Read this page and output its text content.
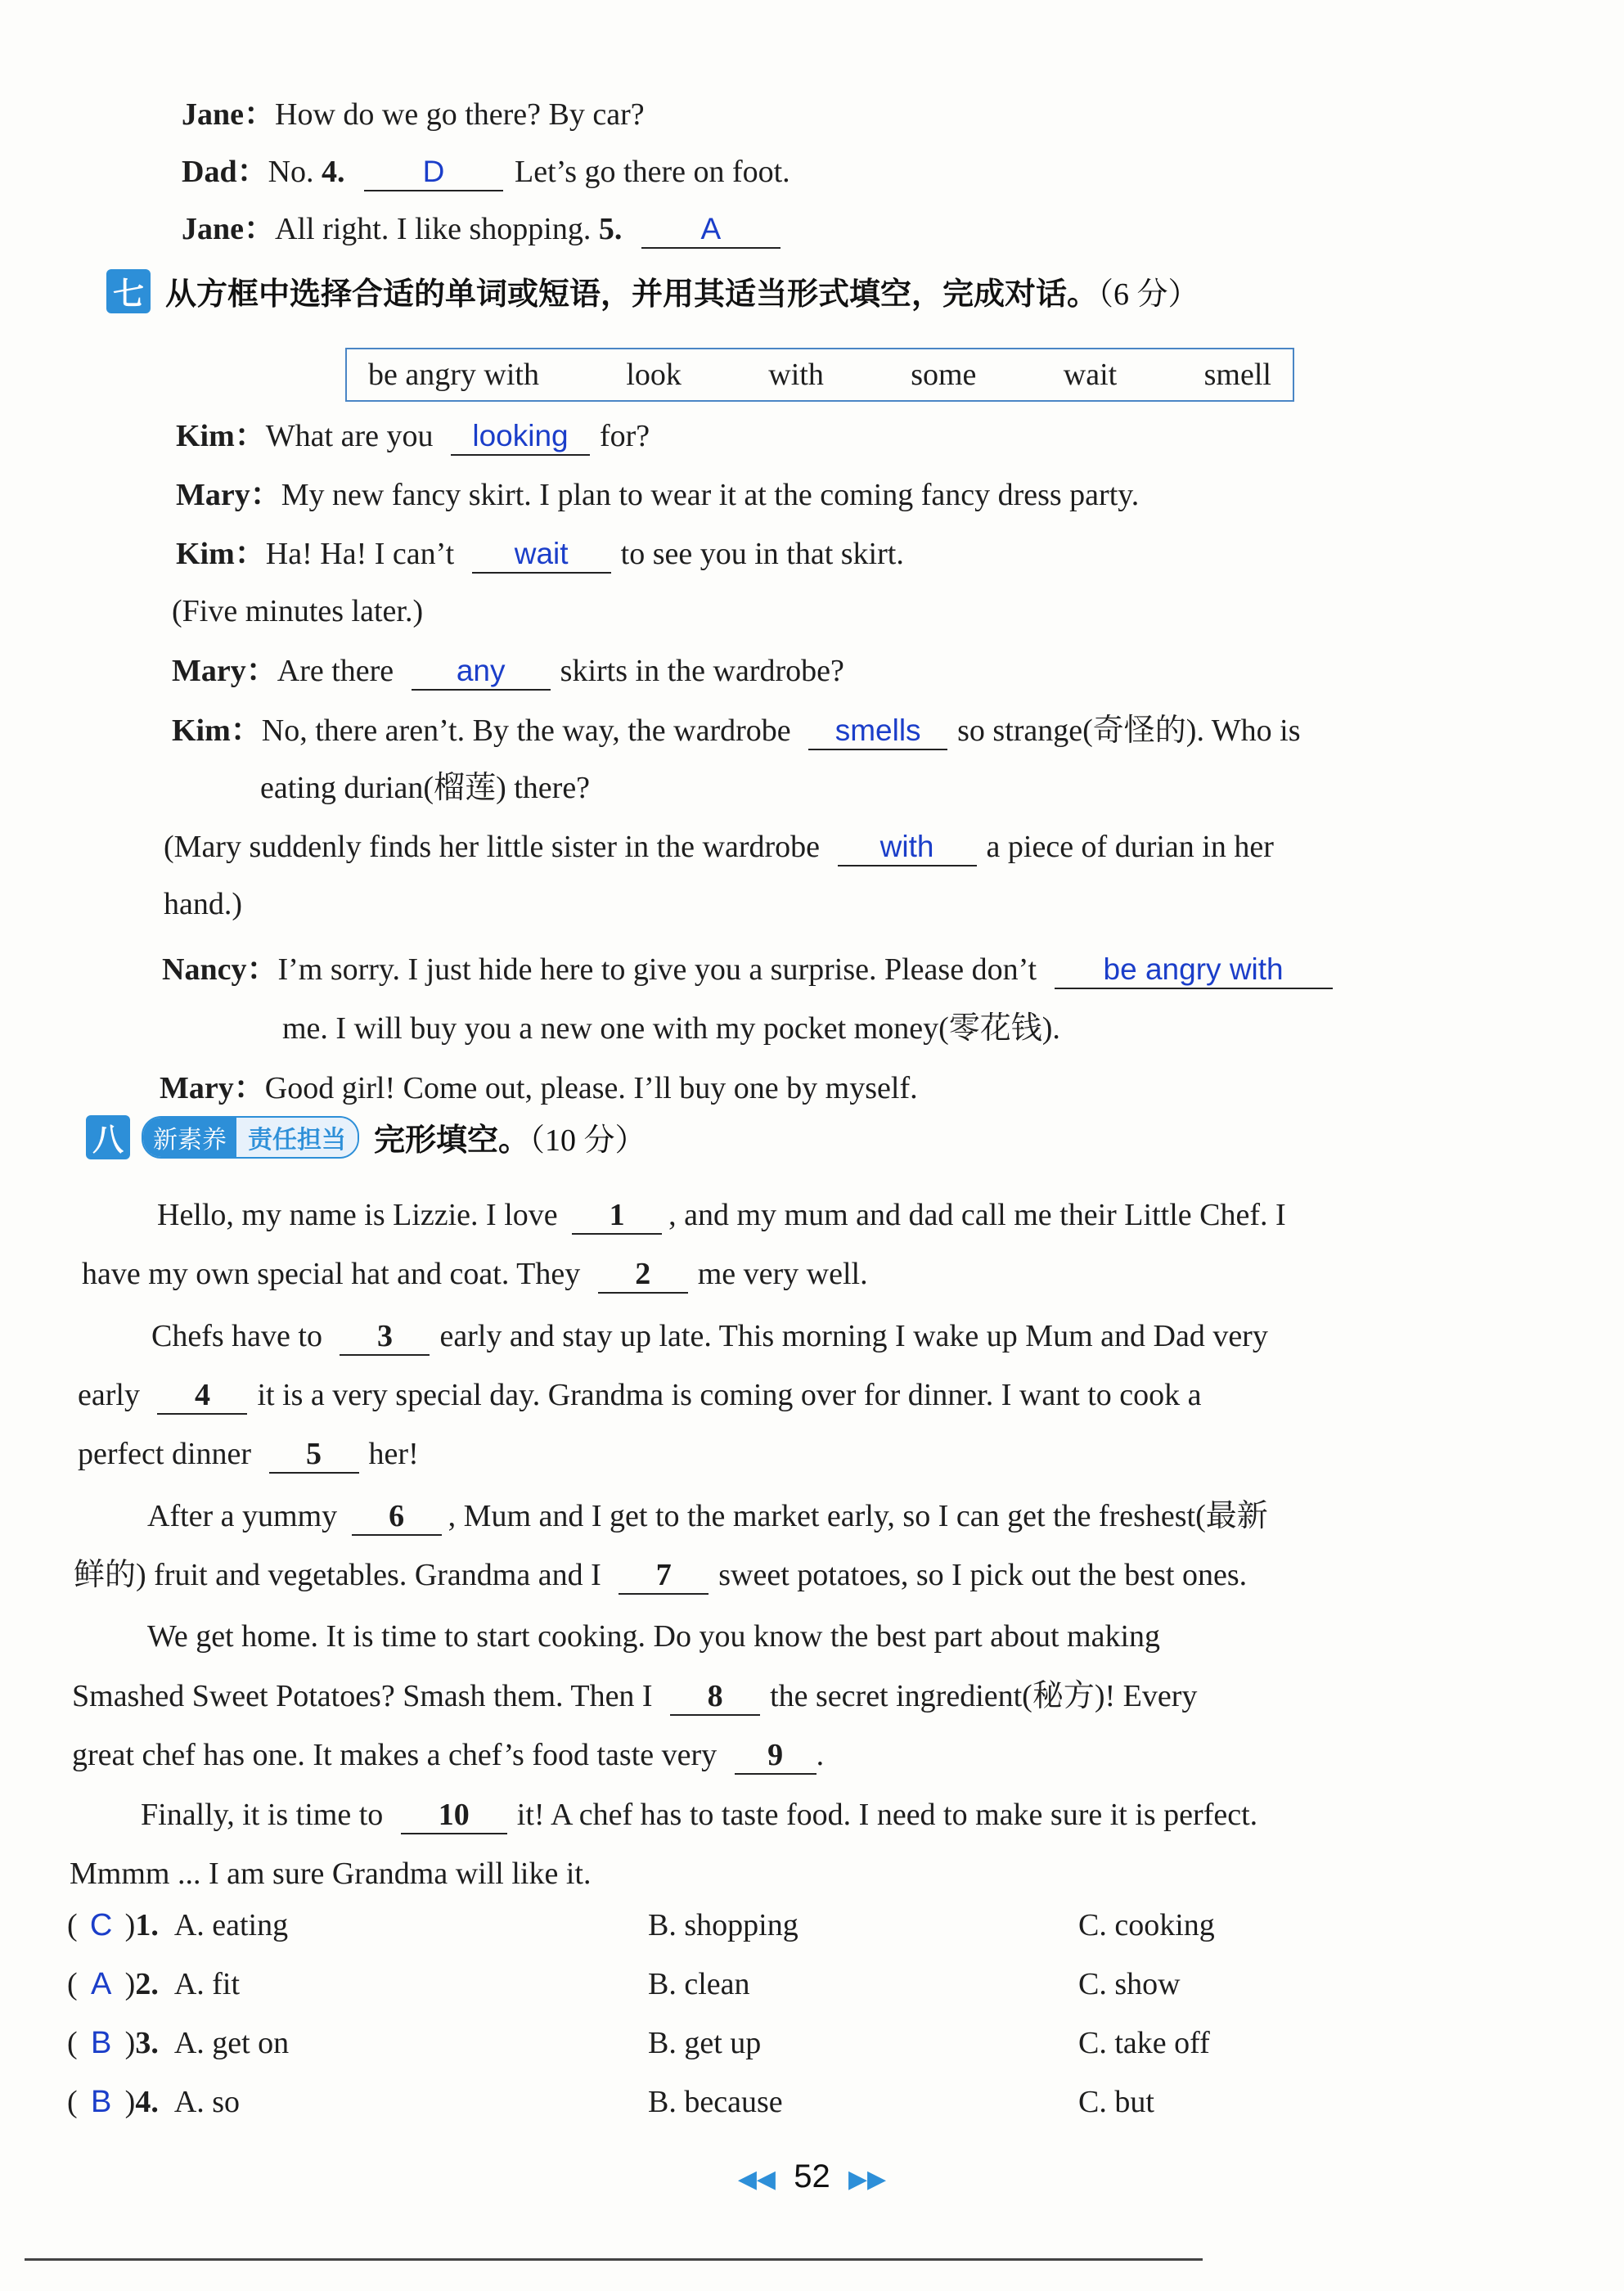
Jane：How do we go there? By car?
Dad：No. 4.	D Let’s go there on foot.
Jane：All right. I like shopping. 5.	A
七 从方框中选择合适的单词或短语，并用其适当形式填空，完成对话。（6 分）
be angry with	look	with	some	wait	smell
Kim：What are you looking for?
Mary：My new fancy skirt. I plan to wear it at the coming fancy dress party.
Kim：Ha! Ha! I can’t wait to see you in that skirt.
(Five minutes later.)
Mary：Are there any skirts in the wardrobe?
Kim：No, there aren’t. By the way, the wardrobe smells so strange(奇怪的). Who is
eating durian(榴莲) there?
(Mary suddenly finds her little sister in the wardrobe with a piece of durian in her
hand.)
Nancy：I’m sorry. I just hide here to give you a surprise. Please don’t be angry with
me. I will buy you a new one with my pocket money(零花钱).
Mary：Good girl! Come out, please. I’ll buy one by myself.
八	新素养 责任担当 完形填空。（10 分）
Hello, my name is Lizzie. I love 1 , and my mum and dad call me their Little Chef. I
have my own special hat and coat. They 2 me very well.
Chefs have to 3 early and stay up late. This morning I wake up Mum and Dad very
early 4 it is a very special day. Grandma is coming over for dinner. I want to cook a
perfect dinner 5 her!
After a yummy 6 , Mum and I get to the market early, so I can get the freshest(最新
鲜的) fruit and vegetables. Grandma and I 7 sweet potatoes, so I pick out the best ones.
We get home. It is time to start cooking. Do you know the best part about making
Smashed Sweet Potatoes? Smash them. Then I 8 the secret ingredient(秘方)! Every
great chef has one. It makes a chef’s food taste very 9 .
Finally, it is time to 10 it! A chef has to taste food. I need to make sure it is perfect.
Mmmm ... I am sure Grandma will like it.
( C )1. A. eating	B. shopping	C. cooking
( A )2. A. fit	B. clean	C. show
( B )3. A. get on	B. get up	C. take off
( B )4. A. so	B. because	C. but
◀◀ 52 ▶▶
